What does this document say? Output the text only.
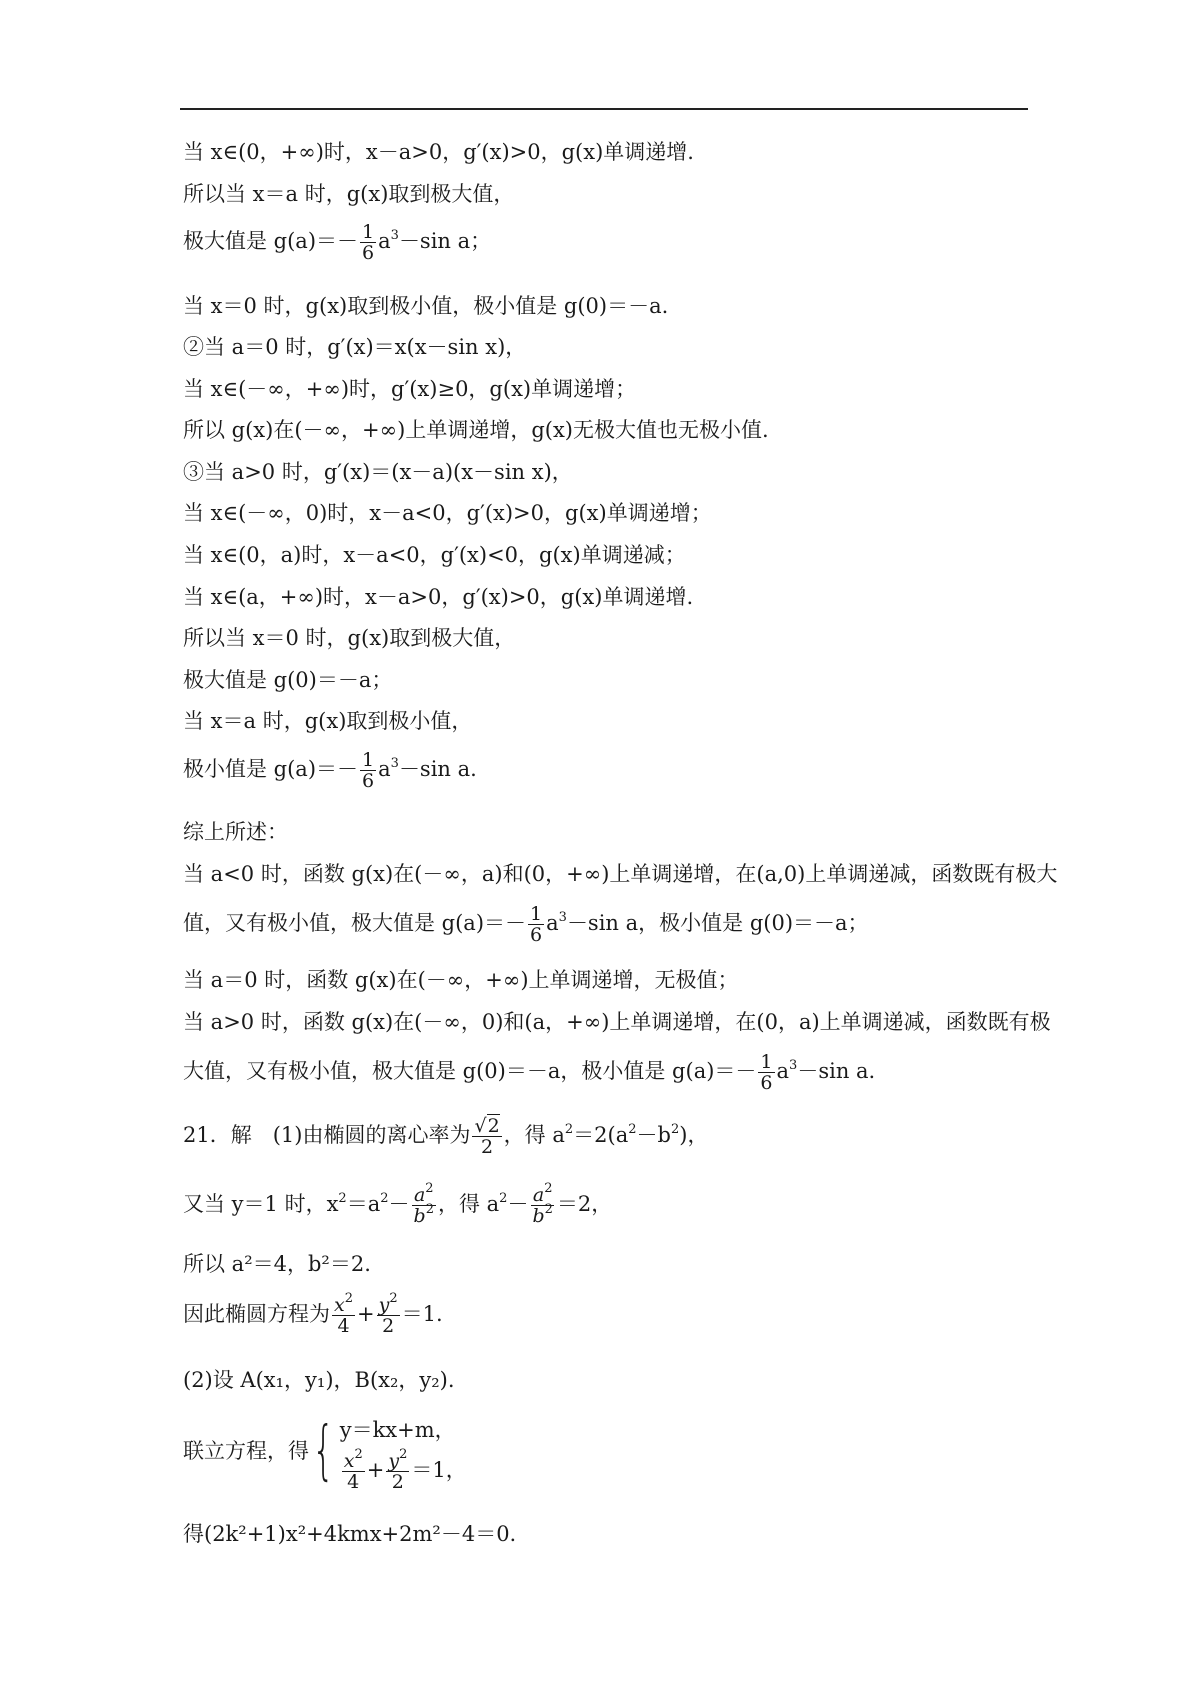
当 x∈(0，+∞)时，x－a>0，g′(x)>0，g(x)单调递增.
所以当 x＝a 时，g(x)取到极大值，
极大值是 $g(a)=- \frac{1}{6} a^3-\sin$ a；
当 x＝0 时，g(x)取到极小值，极小值是 g(0)＝－a.
②当 a＝0 时，g′(x)＝x(x－sin x)，
当 x∈(－∞，+∞)时，g′(x)≥0，g(x)单调递增；
所以 g(x)在(－∞，+∞)上单调递增，g(x)无极大值也无极小值.
③当 a>0 时，g′(x)＝(x－a)(x－sin x)，
当 x∈(－∞，0)时，x－a<0，g′(x)>0，g(x)单调递增；
当 x∈(0，a)时，x－a<0，g′(x)<0，g(x)单调递减；
当 x∈(a，+∞)时，x－a>0，g′(x)>0，g(x)单调递增.
所以当 x＝0 时，g(x)取到极大值，
极大值是 g(0)＝－a；
当 x＝a 时，g(x)取到极小值，
极小值是 $g(a)=- \frac{1}{6} a^3-\sin$ a.
综上所述：
当 a<0 时，函数 g(x)在(－∞，a)和(0，+∞)上单调递增，在(a,0)上单调递减，函数既有极大
值，又有极小值，极大值是 $g(a)=- \frac{1}{6} a^3-\sin$ a，极小值是 g(0)＝－a；
当 a＝0 时，函数 g(x)在(－∞，+∞)上单调递增，无极值；
当 a>0 时，函数 g(x)在(－∞，0)和(a，+∞)上单调递增，在(0，a)上单调递减，函数既有极
大值，又有极小值，极大值是 g(0)＝－a，极小值是 $g(a)=- \frac{1}{6} a^3-\sin$ a.
21．解　(1)由椭圆的离心率为 $\frac{√2}{2}$ ，得 $a^2=2(a^2-b^2)$，
又当 y＝1 时，$x^2=a^2- \frac{a^2}{b^2}$ ，得 $a^2- \frac{a^2}{b^2} =2$，
所以 a²＝4，b²＝2.
因此椭圆方程为 $\frac{x^2}{4} + \frac{y^2}{2} =1$.
(2)设 A(x₁，y₁)，B(x₂，y₂).
联立方程，得{ y＝kx+m，
$\frac{x^2}{4} + \frac{y^2}{2} =1$，
得(2k²+1)x²+4kmx+2m²－4＝0.
